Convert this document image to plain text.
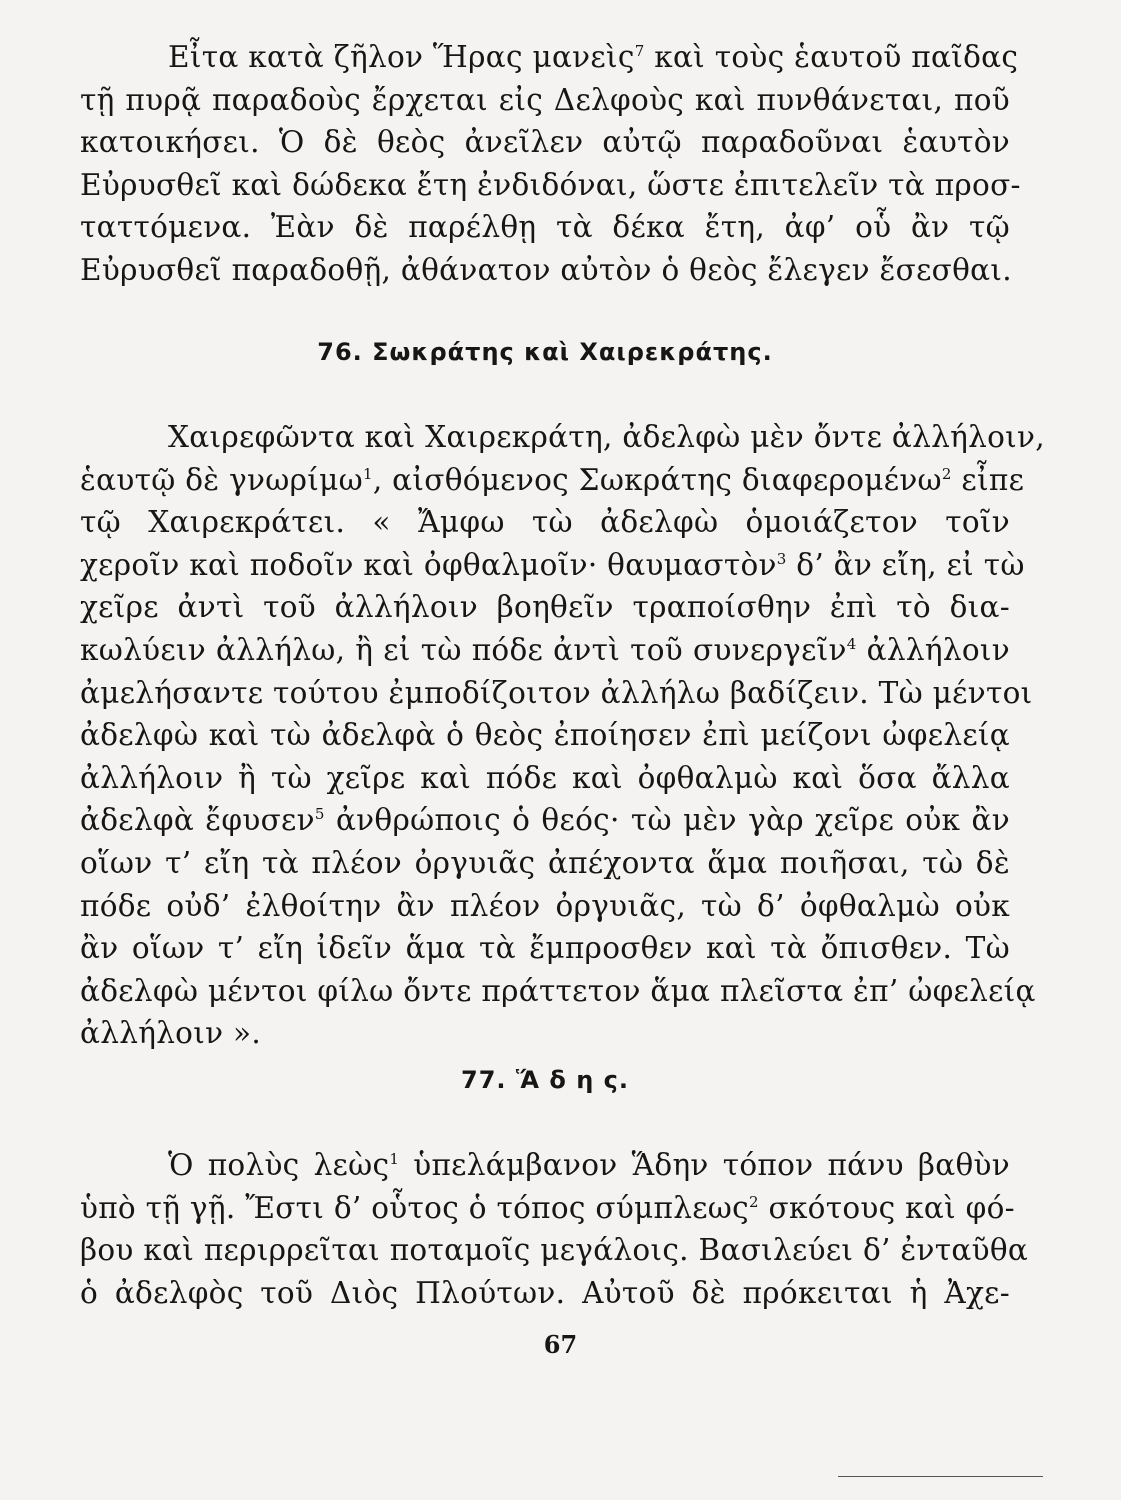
Εἶτα κατὰ ζῆλον Ἥρας μανεὶς$^7$ καὶ τοὺς ἑαυτοῦ παῖδας

τῇ πυρᾷ παραδοὺς ἔρχεται εἰς Δελφοὺς καὶ πυνθάνεται, ποῦ

κατοικήσει. Ὁ δὲ θεὸς ἀνεῖλεν αὐτῷ παραδοῦναι ἑαυτὸν

Εὐρυσθεῖ καὶ δώδεκα ἔτη ἐνδιδόναι, ὥστε ἐπιτελεῖν τὰ προσ-

ταττόμενα. Ἐὰν δὲ παρέλθῃ τὰ δέκα ἔτη, ἀφ’ οὗ ἂν τῷ

Εὐρυσθεῖ παραδοθῇ, ἀθάνατον αὐτὸν ὁ θεὸς ἔλεγεν ἔσεσθαι.

76. Σωκράτης καὶ Χαιρεκράτης.

Χαιρεφῶντα καὶ Χαιρεκράτη, ἀδελφὼ μὲν ὄντε ἀλλήλοιν,

ἑαυτῷ δὲ γνωρίμω$^1$, αἰσθόμενος Σωκράτης διαφερομένω$^2$ εἶπε

τῷ Χαιρεκράτει. « Ἄμφω τὼ ἀδελφὼ ὁμοιάζετον τοῖν

χεροῖν καὶ ποδοῖν καὶ ὀφθαλμοῖν· θαυμαστὸν$^3$ δ’ ἂν εἴη, εἰ τὼ

χεῖρε ἀντὶ τοῦ ἀλλήλοιν βοηθεῖν τραποίσθην ἐπὶ τὸ δια-

κωλύειν ἀλλήλω, ἢ εἰ τὼ πόδε ἀντὶ τοῦ συνεργεῖν$^4$ ἀλλήλοιν

ἀμελήσαντε τούτου ἐμποδίζοιτον ἀλλήλω βαδίζειν. Τὼ μέντοι

ἀδελφὼ καὶ τὼ ἀδελφὰ ὁ θεὸς ἐποίησεν ἐπὶ μείζονι ὠφελείᾳ

ἀλλήλοιν ἢ τὼ χεῖρε καὶ πόδε καὶ ὀφθαλμὼ καὶ ὅσα ἄλλα

ἀδελφὰ ἔφυσεν$^5$ ἀνθρώποις ὁ θεός· τὼ μὲν γὰρ χεῖρε οὐκ ἂν

οἵων τ’ εἴη τὰ πλέον ὀργυιᾶς ἀπέχοντα ἅμα ποιῆσαι, τὼ δὲ

πόδε οὐδ’ ἐλθοίτην ἂν πλέον ὀργυιᾶς, τὼ δ’ ὀφθαλμὼ οὐκ

ἂν οἵων τ’ εἴη ἰδεῖν ἅμα τὰ ἔμπροσθεν καὶ τὰ ὄπισθεν. Τὼ

ἀδελφὼ μέντοι φίλω ὄντε πράττετον ἅμα πλεῖστα ἐπ’ ὠφελείᾳ

ἀλλήλοιν ».

77. Ἅ δ η ς.

Ὁ πολὺς λεὼς$^1$ ὑπελάμβανον Ἅδην τόπον πάνυ βαθὺν

ὑπὸ τῇ γῇ. Ἔστι δ’ οὗτος ὁ τόπος σύμπλεως$^2$ σκότους καὶ φό-

βου καὶ περιρρεῖται ποταμοῖς μεγάλοις. Βασιλεύει δ’ ἐνταῦθα

ὁ ἀδελφὸς τοῦ Διὸς Πλούτων. Αὐτοῦ δὲ πρόκειται ἡ Ἀχε-

67
